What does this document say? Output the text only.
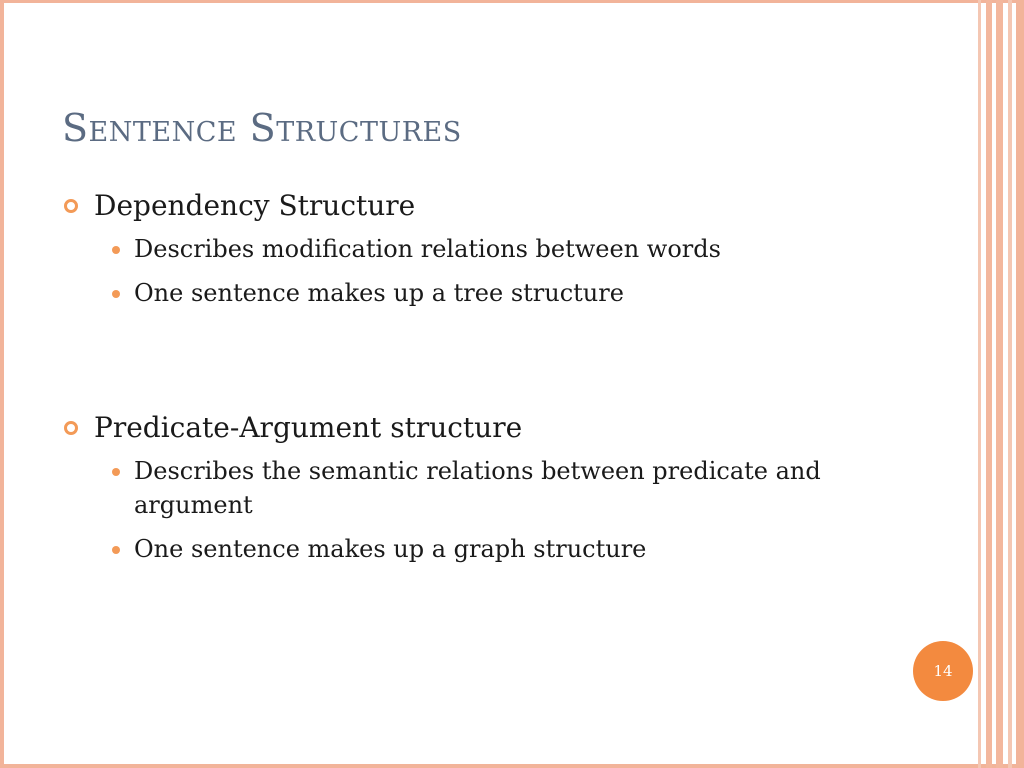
Sentence Structures

Dependency Structure

Describes modification relations between words
One sentence makes up a tree structure

Predicate-Argument structure

Describes the semantic relations between predicate and argument
One sentence makes up a graph structure
14
